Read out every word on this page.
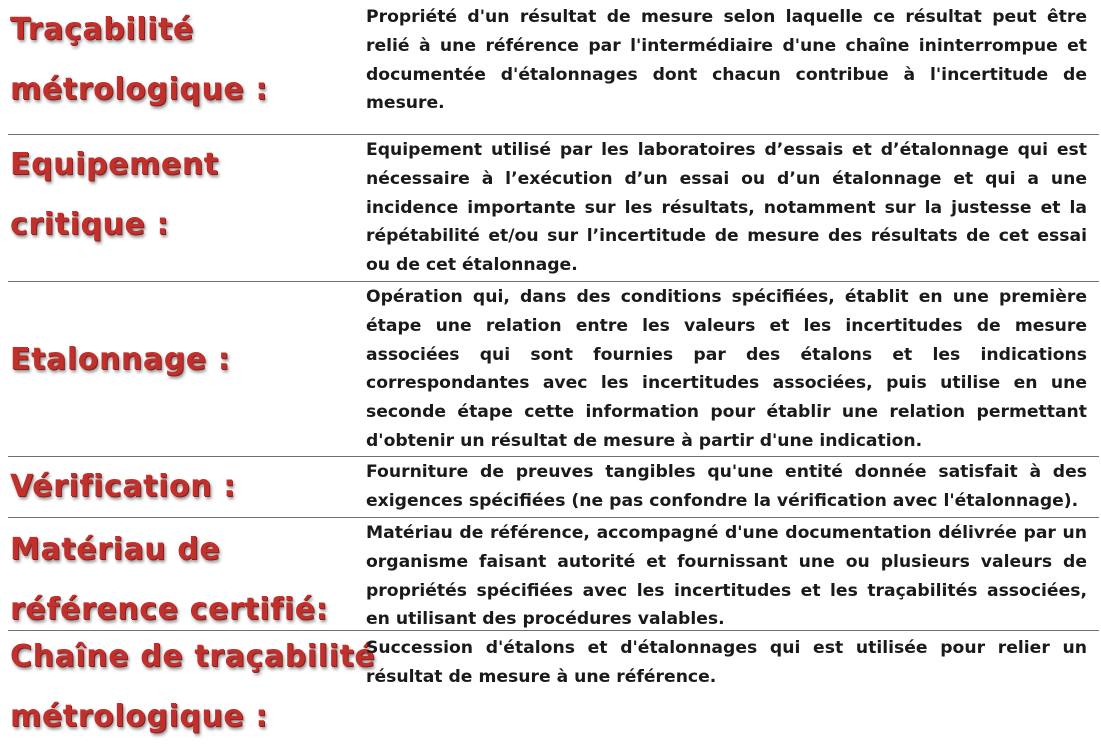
Traçabilité
métrologique :
Propriété d'un résultat de mesure selon laquelle ce résultat peut être relié à une référence par l'intermédiaire d'une chaîne ininterrompue et documentée d'étalonnages dont chacun contribue à l'incertitude de mesure.
Equipement
critique :
Equipement utilisé par les laboratoires d’essais et d’étalonnage qui est nécessaire à l’exécution d’un essai ou d’un étalonnage et qui a une incidence importante sur les résultats, notamment sur la justesse et la répétabilité et/ou sur l’incertitude de mesure des résultats de cet essai ou de cet étalonnage.
Etalonnage :
Opération qui, dans des conditions spécifiées, établit en une première étape une relation entre les valeurs et les incertitudes de mesure associées qui sont fournies par des étalons et les indications correspondantes avec les incertitudes associées, puis utilise en une seconde étape cette information pour établir une relation permettant d'obtenir un résultat de mesure à partir d'une indication.
Vérification :	Fourniture de preuves tangibles qu'une entité donnée satisfait à des exigences spécifiées (ne pas confondre la vérification avec l'étalonnage).
Matériau de
référence certifié:
Matériau de référence, accompagné d'une documentation délivrée par un organisme faisant autorité et fournissant une ou plusieurs valeurs de propriétés spécifiées avec les incertitudes et les traçabilités associées, en utilisant des procédures valables.
Chaîne de traçabilité
métrologique :
Succession d'étalons et d'étalonnages qui est utilisée pour relier un résultat de mesure à une référence.
